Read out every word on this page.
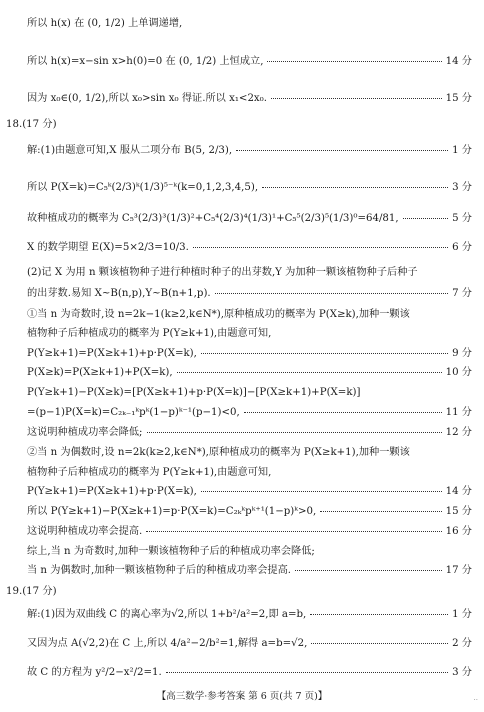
所以 h(x) 在 (0, 1/2) 上单调递增,
所以 h(x)=x−sin x>h(0)=0 在 (0, 1/2) 上恒成立,	14 分
因为 x₀∈(0, 1/2),所以 x₀>sin x₀ 得证.所以 x₁<2x₀.	15 分
18.(17 分)
解:(1)由题意可知,X 服从二项分布 B(5, 2/3),	1 分
所以 P(X=k)=C₅ᵏ(2/3)ᵏ(1/3)⁵⁻ᵏ(k=0,1,2,3,4,5),	3 分
故种植成功的概率为 C₅³(2/3)³(1/3)²+C₅⁴(2/3)⁴(1/3)¹+C₅⁵(2/3)⁵(1/3)⁰=64/81,	5 分
X 的数学期望 E(X)=5×2/3=10/3.	6 分
(2)记 X 为用 n 颗该植物种子进行种植时种子的出芽数,Y 为加种一颗该植物种子后种子
的出芽数.易知 X~B(n,p),Y~B(n+1,p).	7 分
①当 n 为奇数时,设 n=2k−1(k≥2,k∈N*),原种植成功的概率为 P(X≥k),加种一颗该
植物种子后种植成功的概率为 P(Y≥k+1),由题意可知,
P(Y≥k+1)=P(X≥k+1)+p·P(X=k),	9 分
P(X≥k)=P(X≥k+1)+P(X=k),	10 分
P(Y≥k+1)−P(X≥k)=[P(X≥k+1)+p·P(X=k)]−[P(X≥k+1)+P(X=k)]
=(p−1)P(X=k)=C₂ₖ₋₁ᵏpᵏ(1−p)ᵏ⁻¹(p−1)<0,	11 分
这说明种植成功率会降低;	12 分
②当 n 为偶数时,设 n=2k(k≥2,k∈N*),原种植成功的概率为 P(X≥k+1),加种一颗该
植物种子后种植成功的概率为 P(Y≥k+1),由题意可知,
P(Y≥k+1)=P(X≥k+1)+p·P(X=k),	14 分
所以 P(Y≥k+1)−P(X≥k+1)=p·P(X=k)=C₂ₖᵏpᵏ⁺¹(1−p)ᵏ>0,	15 分
这说明种植成功率会提高.	16 分
综上,当 n 为奇数时,加种一颗该植物种子后的种植成功率会降低;
当 n 为偶数时,加种一颗该植物种子后的种植成功率会提高.	17 分
19.(17 分)
解:(1)因为双曲线 C 的离心率为√2,所以 1+b²/a²=2,即 a=b,	1 分
又因为点 A(√2,2)在 C 上,所以 4/a²−2/b²=1,解得 a=b=√2,	2 分
故 C 的方程为 y²/2−x²/2=1.	3 分
【高三数学·参考答案 第 6 页(共 7 页)】	..
